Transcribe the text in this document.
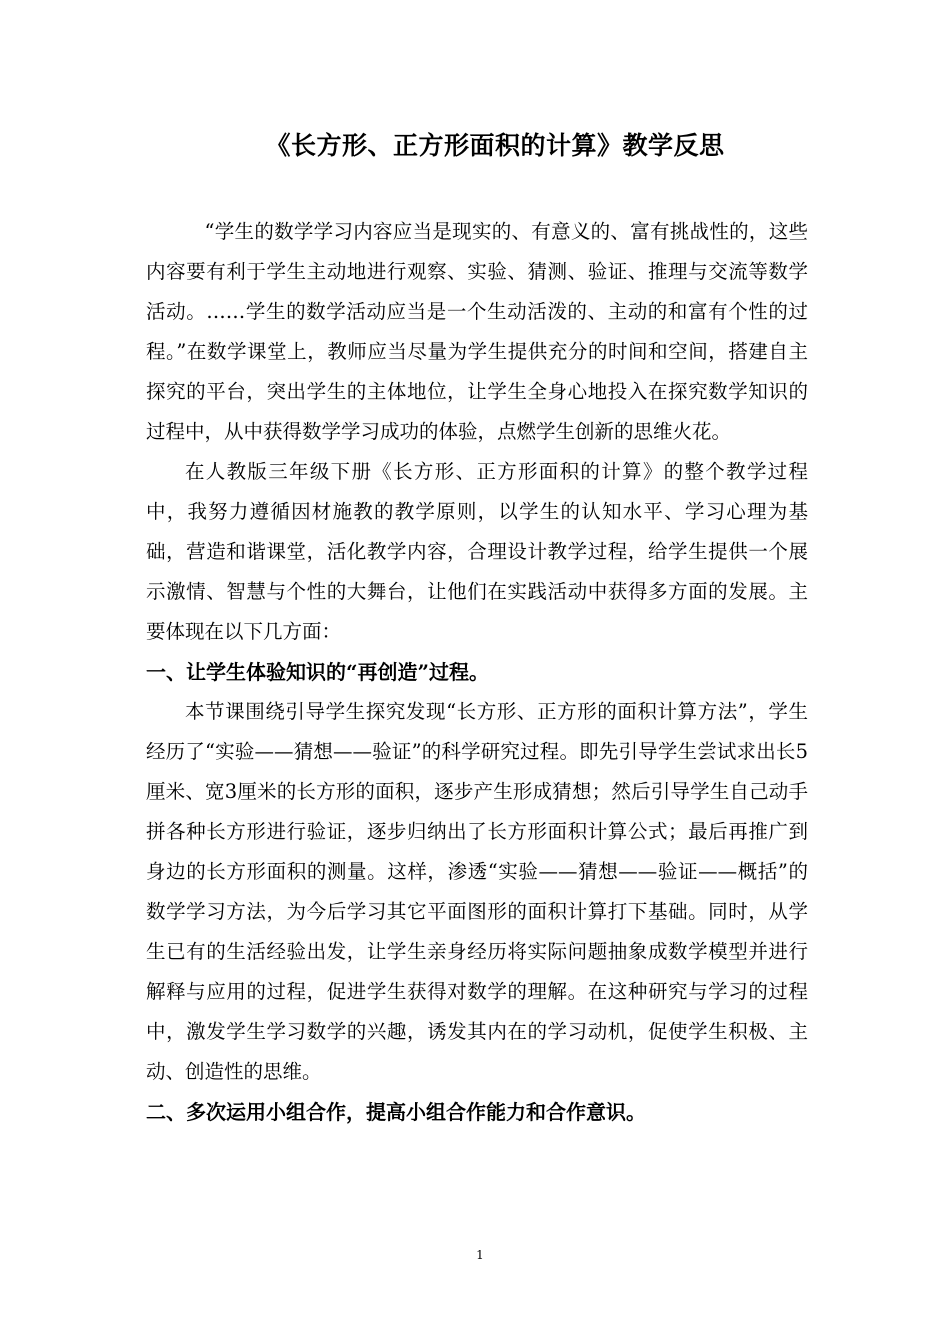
《长方形、正方形面积的计算》教学反思

“学生的数学学习内容应当是现实的、有意义的、富有挑战性的，这些内容要有利于学生主动地进行观察、实验、猜测、验证、推理与交流等数学活动。……学生的数学活动应当是一个生动活泼的、主动的和富有个性的过程。”在数学课堂上，教师应当尽量为学生提供充分的时间和空间，搭建自主探究的平台，突出学生的主体地位，让学生全身心地投入在探究数学知识的过程中，从中获得数学学习成功的体验，点燃学生创新的思维火花。

在人教版三年级下册《长方形、正方形面积的计算》的整个教学过程中，我努力遵循因材施教的教学原则，以学生的认知水平、学习心理为基础，营造和谐课堂，活化教学内容，合理设计教学过程，给学生提供一个展示激情、智慧与个性的大舞台，让他们在实践活动中获得多方面的发展。主要体现在以下几方面：

一、让学生体验知识的“再创造”过程。

本节课围绕引导学生探究发现“长方形、正方形的面积计算方法”，学生经历了“实验——猜想——验证”的科学研究过程。即先引导学生尝试求出长5厘米、宽3厘米的长方形的面积，逐步产生形成猜想；然后引导学生自己动手拼各种长方形进行验证，逐步归纳出了长方形面积计算公式；最后再推广到身边的长方形面积的测量。这样，渗透“实验——猜想——验证——概括”的数学学习方法，为今后学习其它平面图形的面积计算打下基础。同时，从学生已有的生活经验出发，让学生亲身经历将实际问题抽象成数学模型并进行解释与应用的过程，促进学生获得对数学的理解。在这种研究与学习的过程中，激发学生学习数学的兴趣，诱发其内在的学习动机，促使学生积极、主动、创造性的思维。

二、多次运用小组合作，提高小组合作能力和合作意识。

1
